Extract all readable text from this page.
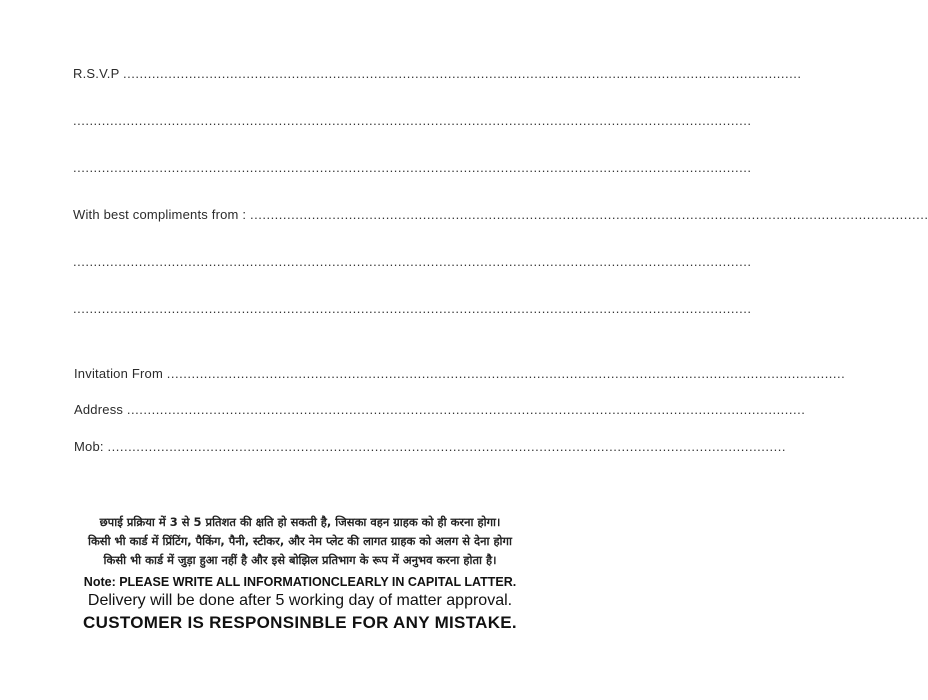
R.S.V.P .....................................................................................................................................................................
.....................................................................................................................................................................
.....................................................................................................................................................................
With best compliments from : .....................................................................................................................................................................
.....................................................................................................................................................................
.....................................................................................................................................................................
Invitation From .....................................................................................................................................................................
Address .....................................................................................................................................................................
Mob: .....................................................................................................................................................................
छपाई प्रक्रिया में 3 से 5 प्रतिशत की क्षति हो सकती है, जिसका वहन ग्राहक को ही करना होगा।
किसी भी कार्ड में प्रिंटिंग, पैकिंग, पैनी, स्टीकर, और नेम प्लेट की लागत ग्राहक को अलग से देना होगा
किसी भी कार्ड में जुड़ा हुआ नहीं है और इसे बोझिल प्रतिभाग के रूप में अनुभव करना होता है।
Note: PLEASE WRITE ALL INFORMATIONCLEARLY IN CAPITAL LATTER.
Delivery will be done after 5 working day of matter approval.
CUSTOMER IS RESPONSINBLE FOR ANY MISTAKE.
